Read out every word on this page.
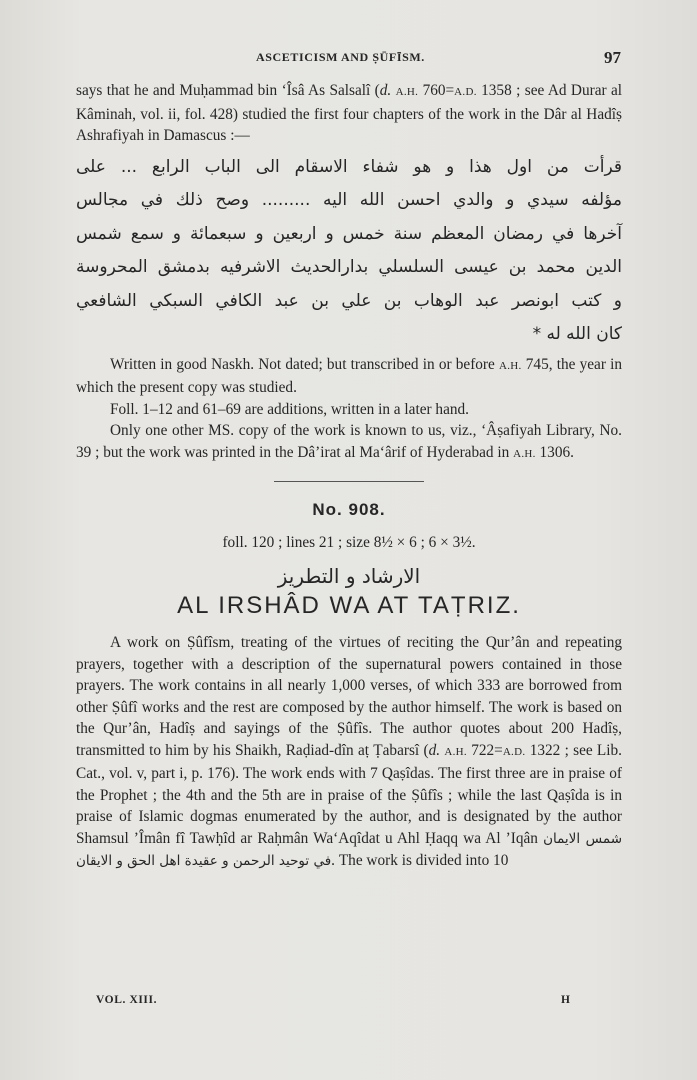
ASCETICISM AND ṢŪFĪSM.	97

says that he and Muḥammad bin ‘Îsâ As Salsalî (d. A.H. 760=A.D. 1358 ; see Ad Durar al Kâminah, vol. ii, fol. 428) studied the first four chapters of the work in the Dâr al Hadîṣ Ashrafiyah in Damascus :—

قرأت من اول هذا و هو شفاء الاسقام الى الباب الرابع ... على
مؤلفه سيدي و والدي احسن الله اليه ......... وصح ذلك في مجالس
آخرها في رمضان المعظم سنة خمس و اربعين و سبعمائة و سمع شمس
الدين محمد بن عيسى السلسلي بدارالحديث الاشرفيه بدمشق المحروسة
و كتب ابونصر عبد الوهاب بن علي بن عبد الكافي السبكي الشافعي
كان الله له *

Written in good Naskh. Not dated; but transcribed in or before A.H. 745, the year in which the present copy was studied.

Foll. 1–12 and 61–69 are additions, written in a later hand.

Only one other MS. copy of the work is known to us, viz., ‘Âṣafiyah Library, No. 39 ; but the work was printed in the Dâ’irat al Ma‘ârif of Hyderabad in A.H. 1306.

No. 908.
foll. 120 ; lines 21 ; size 8½ × 6 ; 6 × 3½.
الارشاد و التطريز
AL IRSHÂD WA AT TAṬRIZ.

A work on Ṣûfîsm, treating of the virtues of reciting the Qur’ân and repeating prayers, together with a description of the supernatural powers contained in those prayers. The work contains in all nearly 1,000 verses, of which 333 are borrowed from other Ṣûfî works and the rest are composed by the author himself. The work is based on the Qur’ân, Hadîṣ and sayings of the Ṣûfîs. The author quotes about 200 Hadîṣ, transmitted to him by his Shaikh, Raḍiad-dîn aṭ Ṭabarsî (d. A.H. 722=A.D. 1322 ; see Lib. Cat., vol. v, part i, p. 176). The work ends with 7 Qaṣîdas. The first three are in praise of the Prophet ; the 4th and the 5th are in praise of the Ṣûfîs ; while the last Qaṣîda is in praise of Islamic dogmas enumerated by the author, and is designated by the author Shamsul ’Îmân fî Tawḥîd ar Raḥmân Wa‘Aqîdat u Ahl Ḥaqq wa Al ’Iqân شمس الايمان في توحيد الرحمن و عقيدة اهل الحق و الايقان. The work is divided into 10

VOL. XIII.	H
